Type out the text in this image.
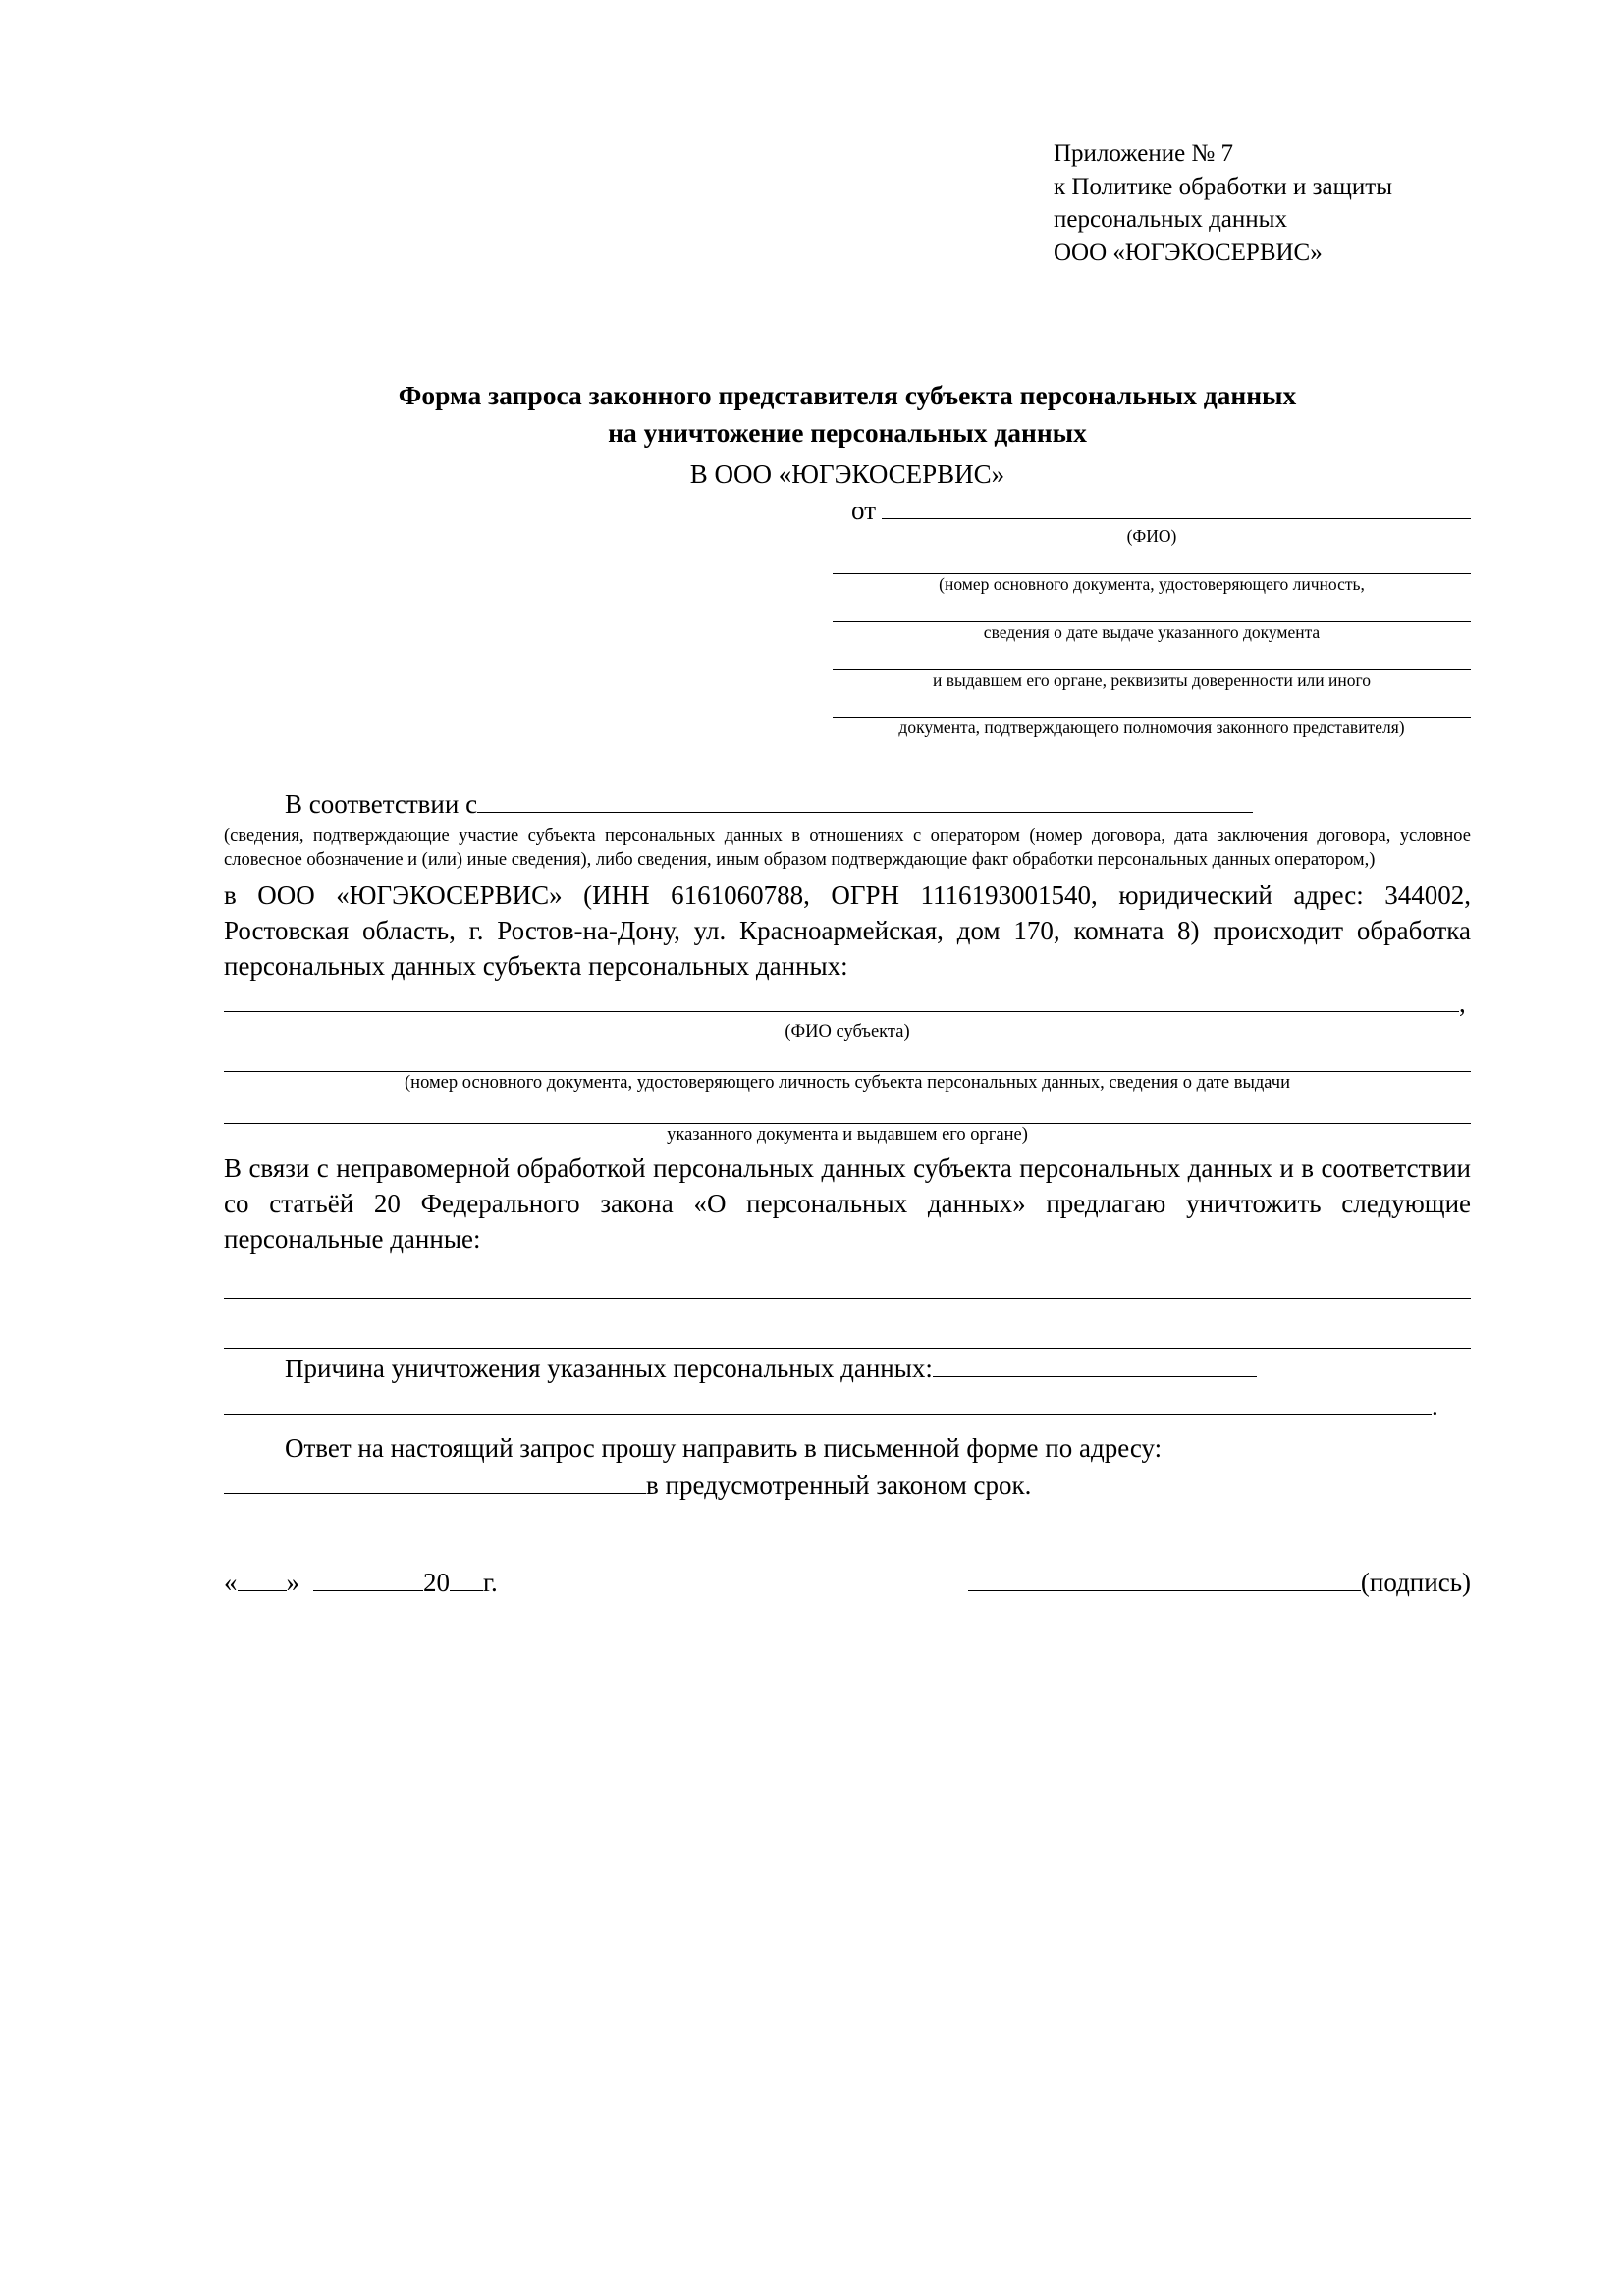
Приложение № 7
к Политике обработки и защиты
персональных данных
ООО «ЮГЭКОСЕРВИС»
Форма запроса законного представителя субъекта персональных данных
на уничтожение персональных данных
В ООО «ЮГЭКОСЕРВИС»
от
(ФИО)
(номер основного документа, удостоверяющего личность,
сведения о дате выдаче указанного документа
и выдавшем его органе, реквизиты доверенности или иного
документа, подтверждающего полномочия законного представителя)
В соответствии с
(сведения, подтверждающие участие субъекта персональных данных в отношениях с оператором (номер договора, дата заключения договора, условное словесное обозначение и (или) иные сведения), либо сведения, иным образом подтверждающие факт обработки персональных данных оператором,)
в ООО «ЮГЭКОСЕРВИС» (ИНН 6161060788, ОГРН 1116193001540, юридический адрес: 344002, Ростовская область, г. Ростов-на-Дону, ул. Красноармейская, дом 170, комната 8) происходит обработка персональных данных субъекта персональных данных:
,
(ФИО субъекта)
(номер основного документа, удостоверяющего личность субъекта персональных данных, сведения о дате выдачи
указанного документа и выдавшем его органе)
В связи с неправомерной обработкой персональных данных субъекта персональных данных и в соответствии со статьёй 20 Федерального закона «О персональных данных» предлагаю уничтожить следующие персональные данные:
Причина уничтожения указанных персональных данных:
.
Ответ на настоящий запрос прошу направить в письменной форме по адресу:
в предусмотренный законом срок.
« »	20 г.	(подпись)
